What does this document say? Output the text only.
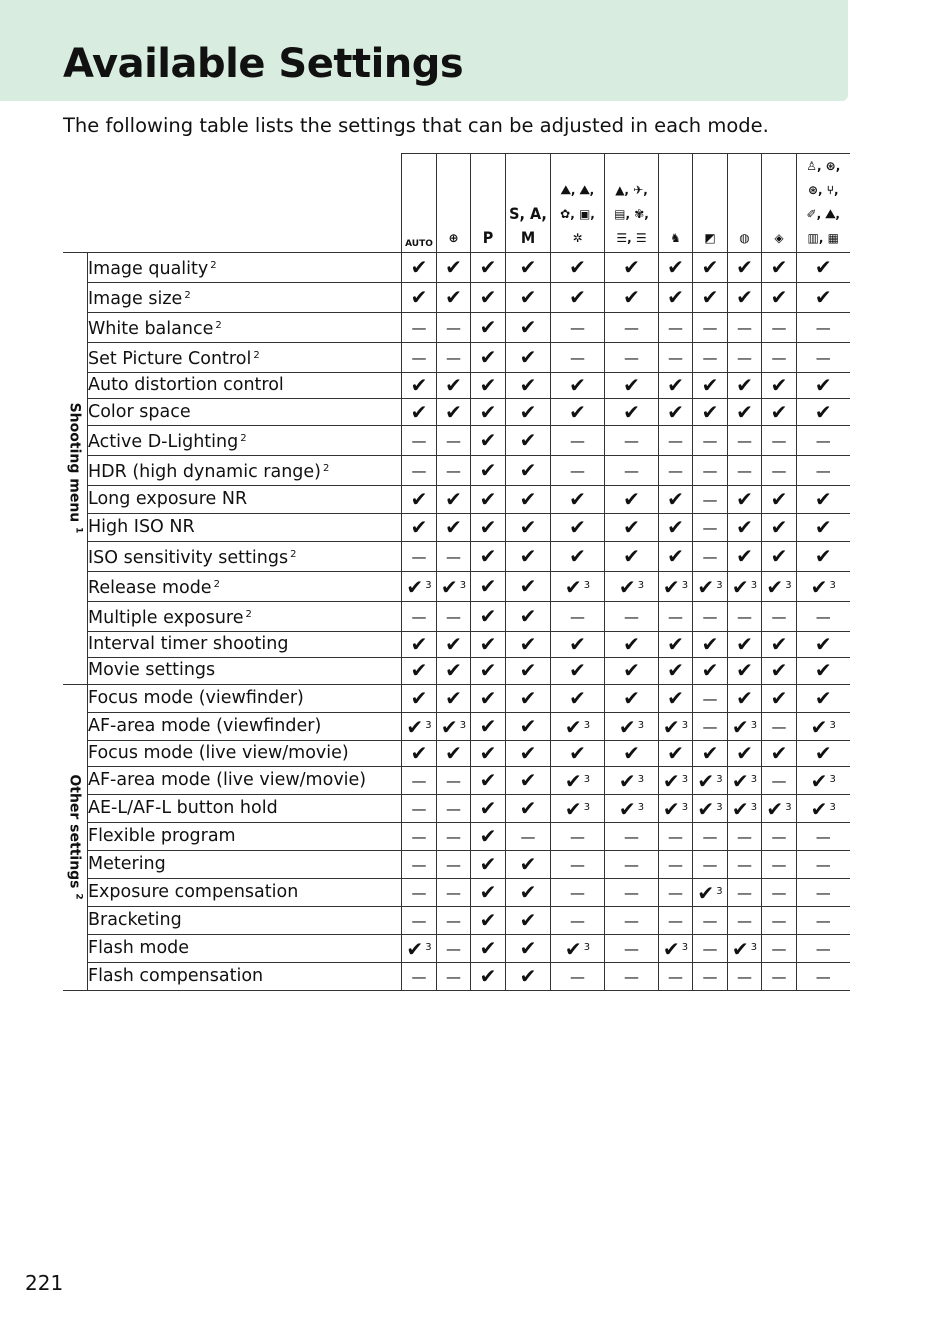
Available Settings
The following table lists the settings that can be adjusted in each mode.

		AUTO	⊕	P	S, A,
M	⛰, ⛰,
✿, ▣,
✲	▲, ✈,
▤, ✾,
☰, ☰	♞	◩	◍	◈	♙, ⊛,
⊛, ⑂,
✐, ⛰,
▥, ▦

Shooting menu $^1$	Image quality $^2$	✔	✔	✔	✔	✔	✔	✔	✔	✔	✔	✔
	Image size $^2$	✔	✔	✔	✔	✔	✔	✔	✔	✔	✔	✔
	White balance $^2$	—	—	✔	✔	—	—	—	—	—	—	—
	Set Picture Control $^2$	—	—	✔	✔	—	—	—	—	—	—	—
	Auto distortion control	✔	✔	✔	✔	✔	✔	✔	✔	✔	✔	✔
	Color space	✔	✔	✔	✔	✔	✔	✔	✔	✔	✔	✔
	Active D-Lighting $^2$	—	—	✔	✔	—	—	—	—	—	—	—
	HDR (high dynamic range) $^2$	—	—	✔	✔	—	—	—	—	—	—	—
	Long exposure NR	✔	✔	✔	✔	✔	✔	✔	—	✔	✔	✔
	High ISO NR	✔	✔	✔	✔	✔	✔	✔	—	✔	✔	✔
	ISO sensitivity settings $^2$	—	—	✔	✔	✔	✔	✔	—	✔	✔	✔
	Release mode $^2$	✔ $^3$	✔ $^3$	✔	✔	✔ $^3$	✔ $^3$	✔ $^3$	✔ $^3$	✔ $^3$	✔ $^3$	✔ $^3$
	Multiple exposure $^2$	—	—	✔	✔	—	—	—	—	—	—	—
	Interval timer shooting	✔	✔	✔	✔	✔	✔	✔	✔	✔	✔	✔
	Movie settings	✔	✔	✔	✔	✔	✔	✔	✔	✔	✔	✔

Other settings $^2$	Focus mode (viewfinder)	✔	✔	✔	✔	✔	✔	✔	—	✔	✔	✔
	AF-area mode (viewfinder)	✔ $^3$	✔ $^3$	✔	✔	✔ $^3$	✔ $^3$	✔ $^3$	—	✔ $^3$	—	✔ $^3$
	Focus mode (live view/movie)	✔	✔	✔	✔	✔	✔	✔	✔	✔	✔	✔
	AF-area mode (live view/movie)	—	—	✔	✔	✔ $^3$	✔ $^3$	✔ $^3$	✔ $^3$	✔ $^3$	—	✔ $^3$
	AE-L/AF-L button hold	—	—	✔	✔	✔ $^3$	✔ $^3$	✔ $^3$	✔ $^3$	✔ $^3$	✔ $^3$	✔ $^3$
	Flexible program	—	—	✔	—	—	—	—	—	—	—	—
	Metering	—	—	✔	✔	—	—	—	—	—	—	—
	Exposure compensation	—	—	✔	✔	—	—	—	✔ $^3$	—	—	—
	Bracketing	—	—	✔	✔	—	—	—	—	—	—	—
	Flash mode	✔ $^3$	—	✔	✔	✔ $^3$	—	✔ $^3$	—	✔ $^3$	—	—
	Flash compensation	—	—	✔	✔	—	—	—	—	—	—	—
221
